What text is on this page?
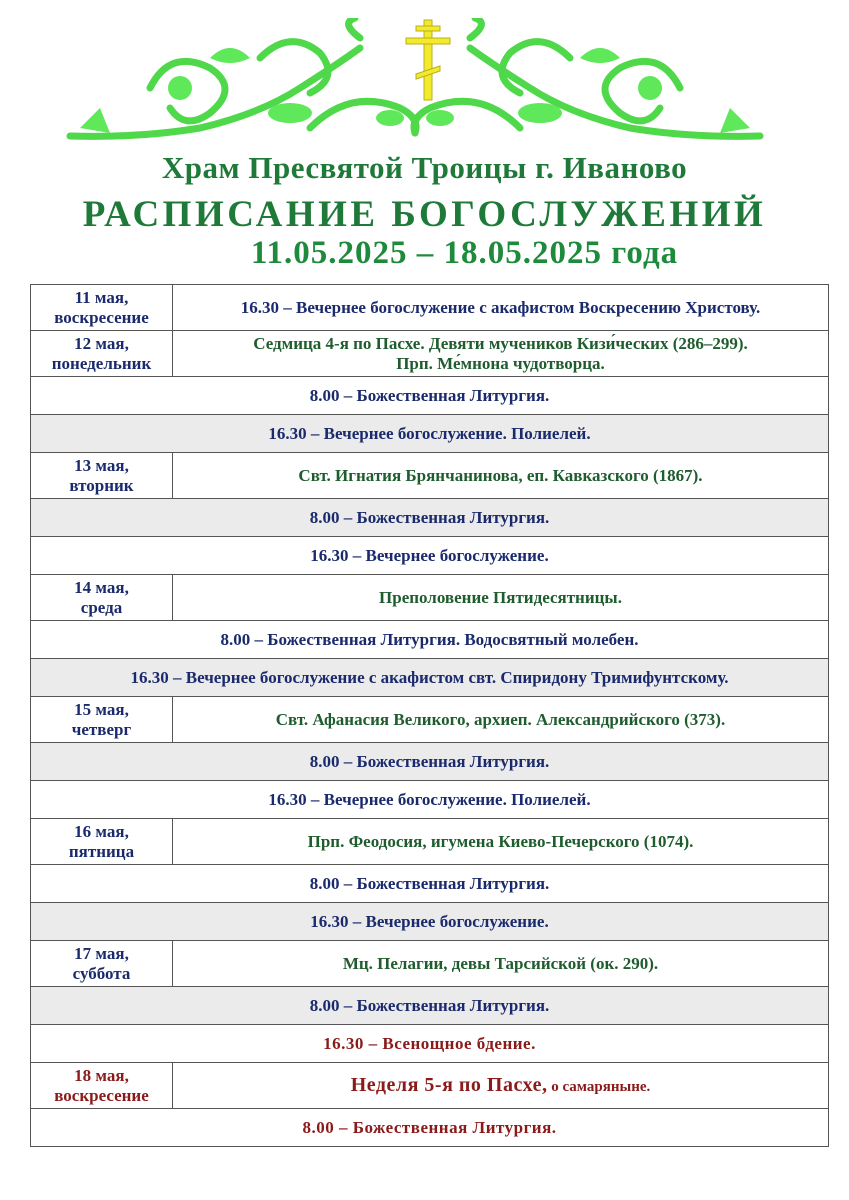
Храм Пресвятой Троицы г. Иваново
РАСПИСАНИЕ БОГОСЛУЖЕНИЙ
11.05.2025 – 18.05.2025 года
11 мая,
воскресение	16.30 – Вечернее богослужение с акафистом Воскресению Христову.
12 мая,
понедельник	Седмица 4-я по Пасхе. Девяти мучеников Кизи́ческих (286–299).
Прп. Ме́мнона чудотворца.
8.00 – Божественная Литургия.	
16.30 – Вечернее богослужение. Полиелей.	
13 мая,
вторник	Свт. Игнатия Брянчанинова, еп. Кавказского (1867).
8.00 – Божественная Литургия.	
16.30 – Вечернее богослужение.	
14 мая,
среда	Преполовение Пятидесятницы.
8.00 – Божественная Литургия. Водосвятный молебен.	
16.30 – Вечернее богослужение с акафистом свт. Спиридону Тримифунтскому.	
15 мая,
четверг	Свт. Афанасия Великого, архиеп. Александрийского (373).
8.00 – Божественная Литургия.	
16.30 – Вечернее богослужение. Полиелей.	
16 мая,
пятница	Прп. Феодосия, игумена Киево-Печерского (1074).
8.00 – Божественная Литургия.	
16.30 – Вечернее богослужение.	
17 мая,
суббота	Мц. Пелагии, девы Тарсийской (ок. 290).
8.00 – Божественная Литургия.	
16.30 – Всенощное бдение.	
18 мая,
воскресение	Неделя 5-я по Пасхе, о самаряныне.
8.00 – Божественная Литургия.	
